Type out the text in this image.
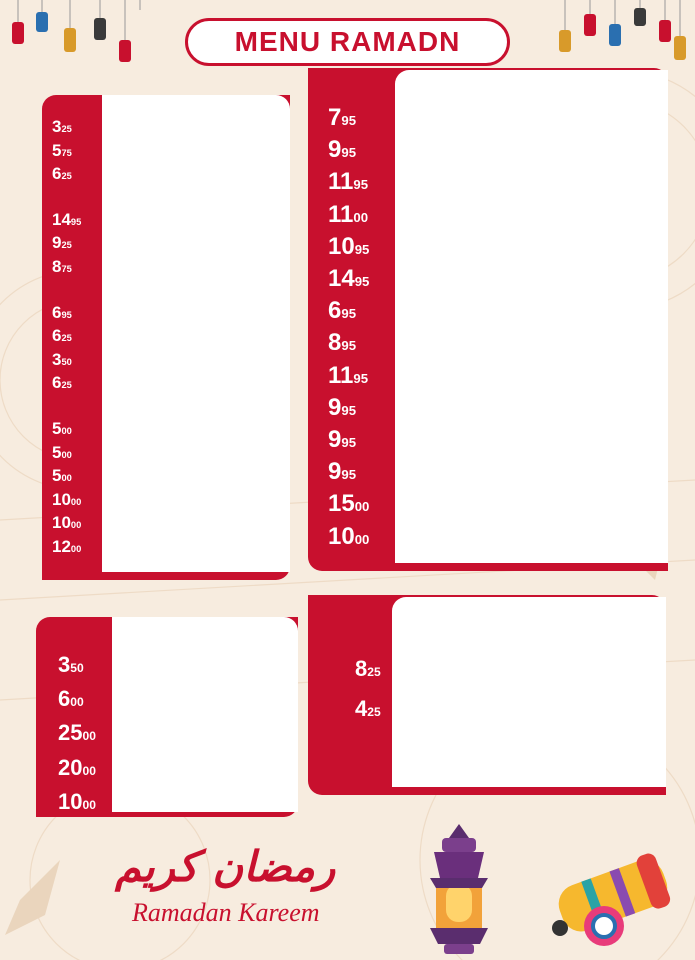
MENU RAMADN
795
995
1195
1100
1095
1495
695
895
1195
995
995
995
1500
1000
325
575
625
1495
925
875
695
625
350
625
500
500
500
1000
1000
1200
825
425
350
600
2500
2000
1000
رمضان كريم
Ramadan Kareem
